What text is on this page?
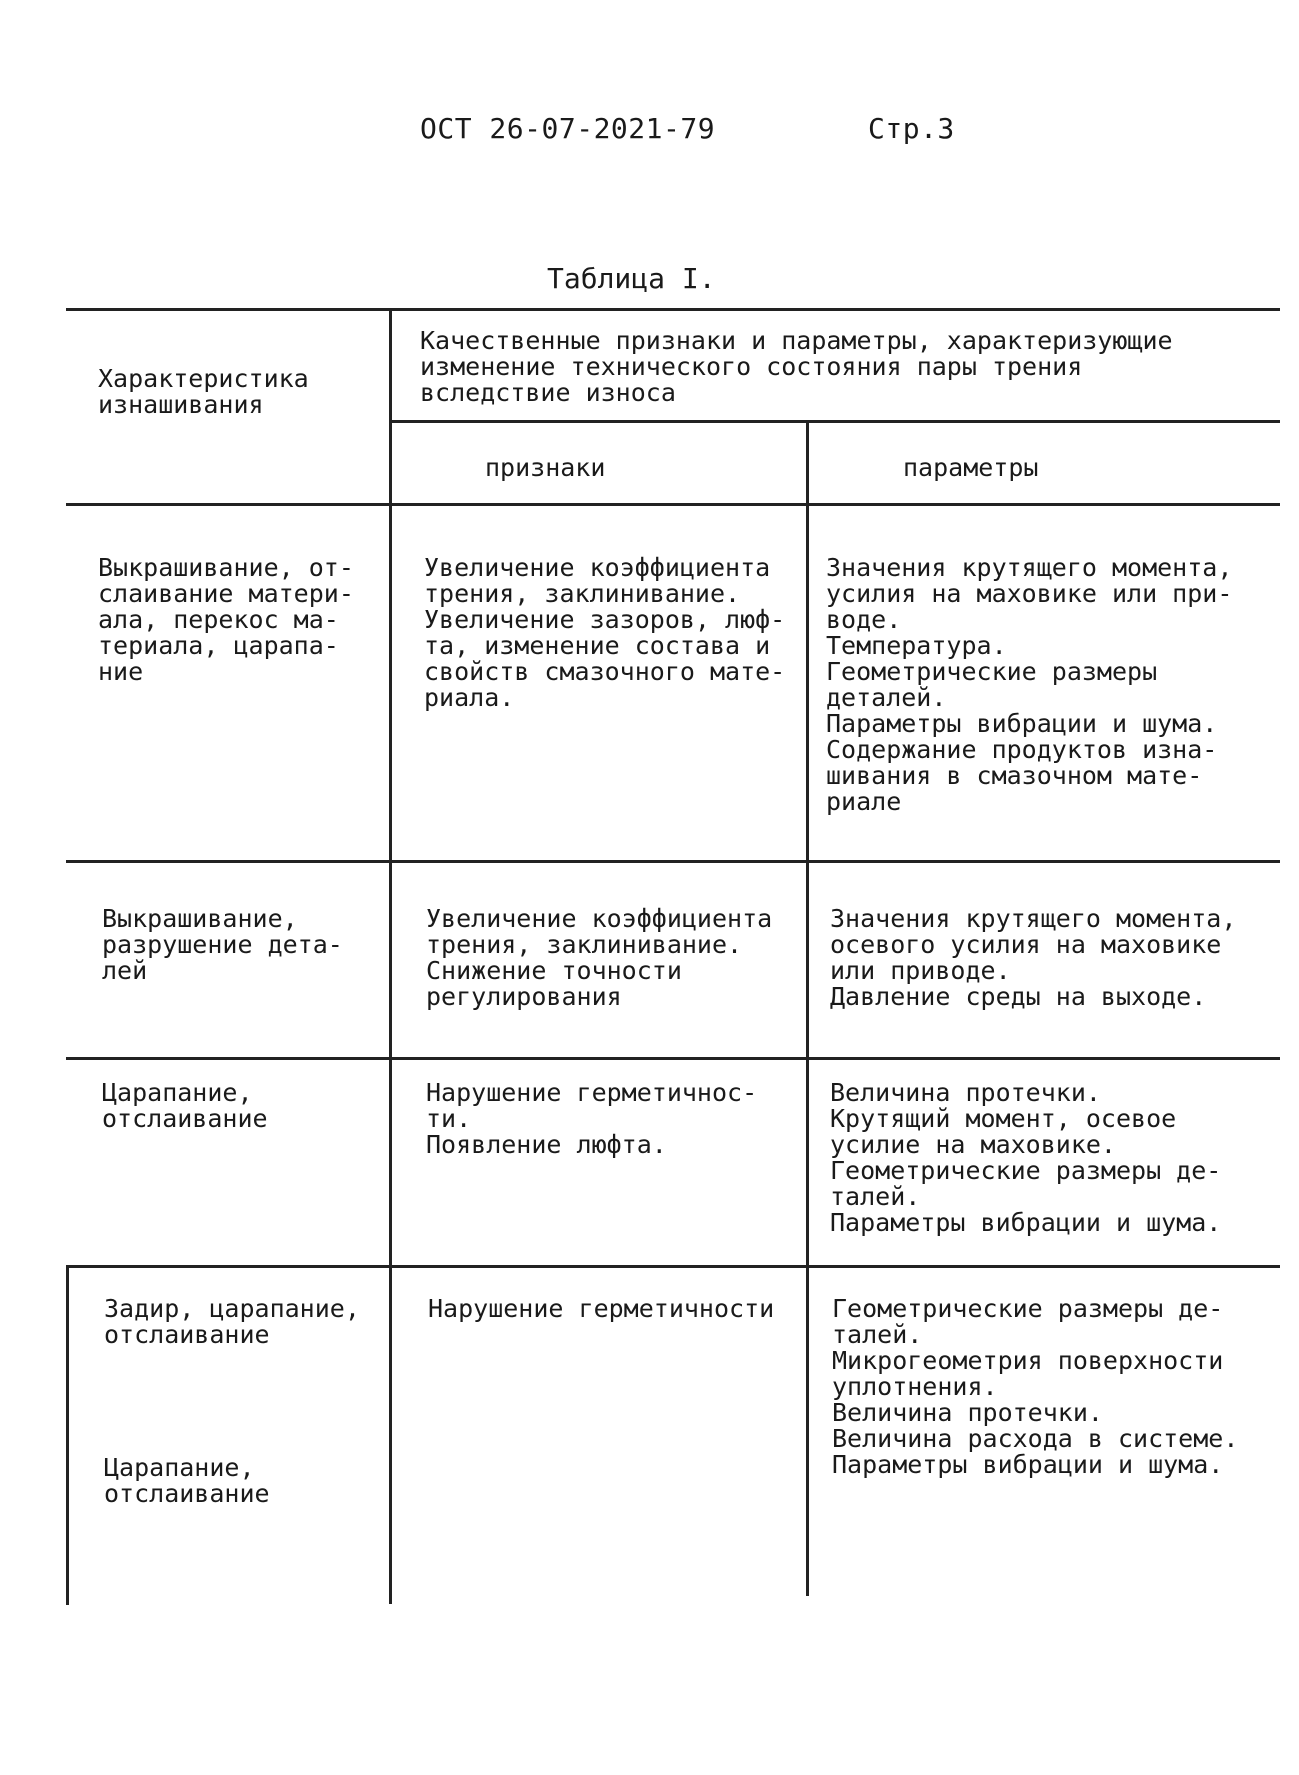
ОСТ 26-07-2021-79	Стр.3
Таблица I.
Характеристика
изнашивания
Качественные признаки и параметры, характеризующие
изменение технического состояния пары трения
вследствие износа
признаки	параметры
Выкрашивание, от-
слаивание матери-
ала, перекос ма-
териала, царапа-
ние
Увеличение коэффициента
трения, заклинивание.
Увеличение зазоров, люф-
та, изменение состава и
свойств смазочного мате-
риала.
Значения крутящего момента,
усилия на маховике или при-
воде.
Температура.
Геометрические размеры
деталей.
Параметры вибрации и шума.
Содержание продуктов изна-
шивания в смазочном мате-
риале
Выкрашивание,
разрушение дета-
лей
Увеличение коэффициента
трения, заклинивание.
Снижение точности
регулирования
Значения крутящего момента,
осевого усилия на маховике
или приводе.
Давление среды на выходе.
Царапание,
отслаивание
Нарушение герметичнос-
ти.
Появление люфта.
Величина протечки.
Крутящий момент, осевое
усилие на маховике.
Геометрические размеры де-
талей.
Параметры вибрации и шума.
Задир, царапание,
отслаивание
Царапание,
отслаивание
Нарушение герметичности Геометрические размеры де-
талей.
Микрогеометрия поверхности
уплотнения.
Величина протечки.
Величина расхода в системе.
Параметры вибрации и шума.
